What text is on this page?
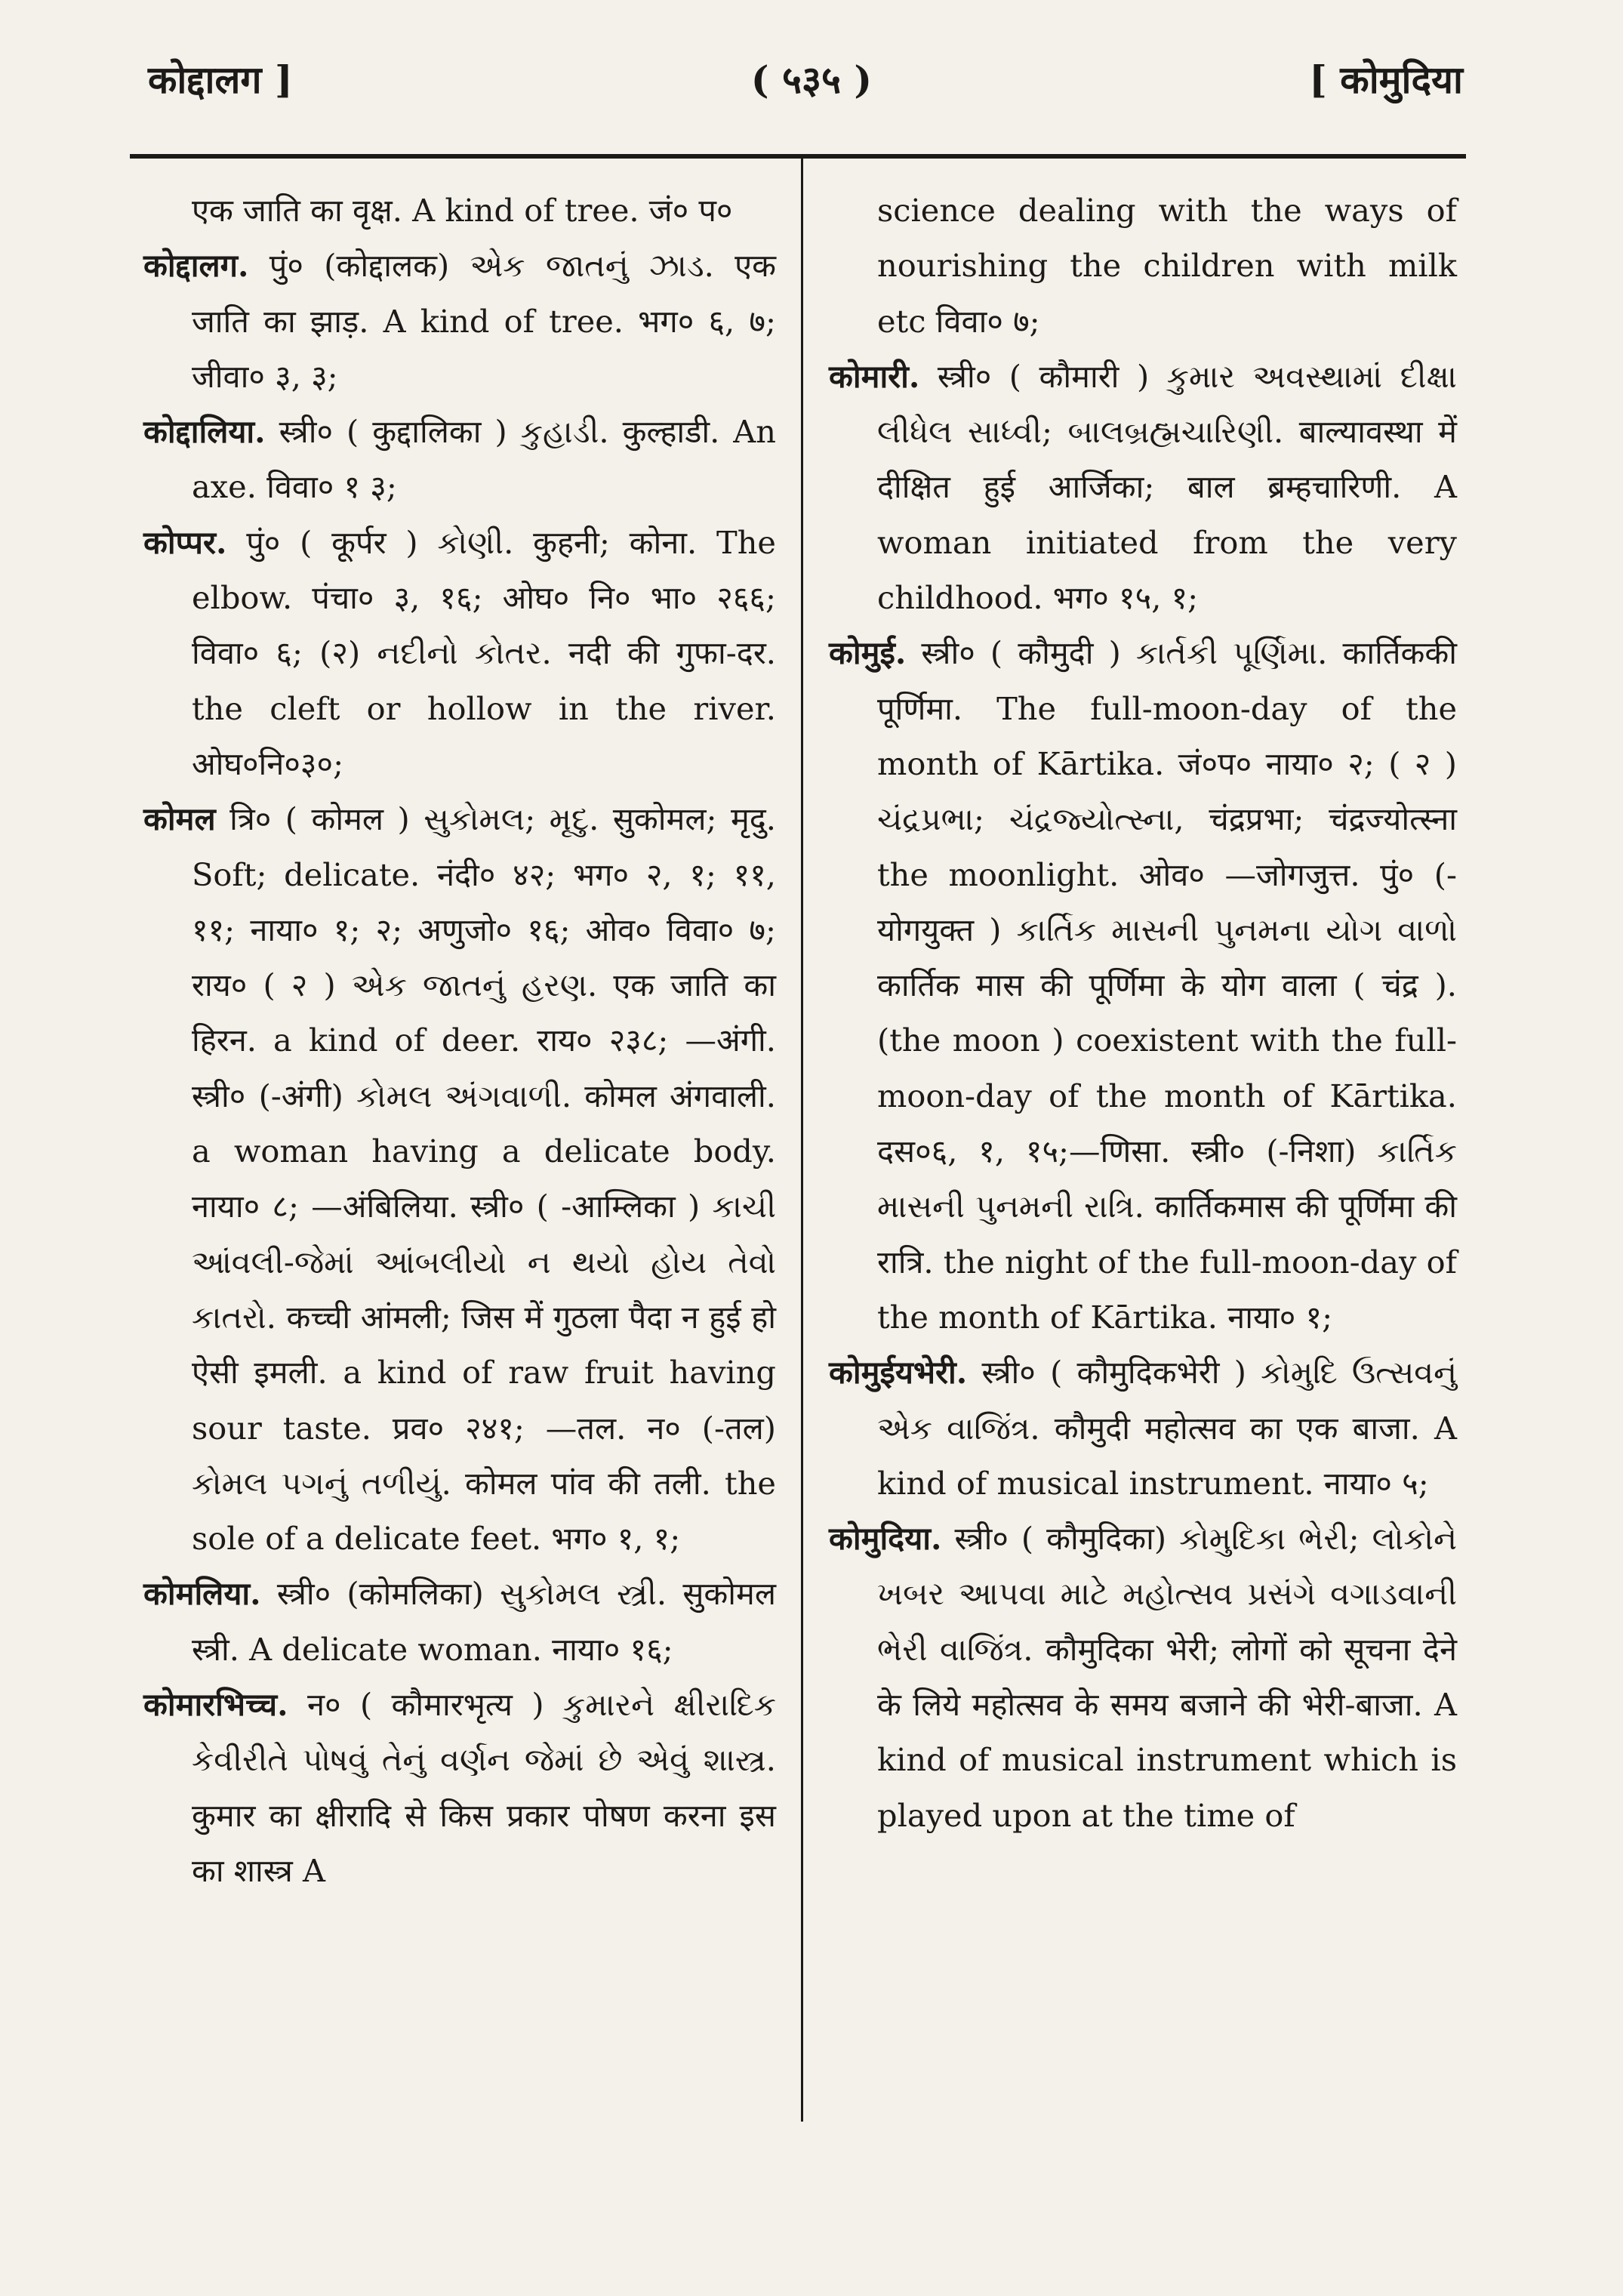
कोद्दालग ]	( ५३५ )	[ कोमुदिया

एक जाति का वृक्ष. A kind of tree. जं० प०

कोद्दालग. पुं० (कोद्दालक) એક જાતનું ઝાડ. एक जाति का झाड़. A kind of tree. भग० ६, ७; जीवा० ३, ३;

कोद्दालिया. स्त्री० ( कुद्दालिका ) કુહાડી. कुल्हाडी. An axe. विवा० १ ३;

कोप्पर. पुं० ( कूर्पर ) કોણી. कुहनी; कोना. The elbow. पंचा० ३, १६; ओघ० नि० भा० २६६; विवा० ६; (२) નદીનો કોતર. नदी की गुफा-दर. the cleft or hollow in the river. ओघ०नि०३०;

कोमल त्रि० ( कोमल ) સુકોમલ; મૃદુ. सुकोमल; मृदु. Soft; delicate. नंदी० ४२; भग० २, १; ११, ११; नाया० १; २; अणुजो० १६; ओव० विवा० ७; राय० ( २ ) એક જાતનું હરણ. एक जाति का हिरन. a kind of deer. राय० २३८; —अंगी. स्त्री० (-अंगी) કોમલ અંગવાળી. कोमल अंगवाली. a woman having a delicate body. नाया० ८; —अंबिलिया. स्त्री० ( -आम्लिका ) કાચી આંવલી-જેમાં આંબલીયો ન થયો હોય તેવો કાતરો. कच्ची आंमली; जिस में गुठला पैदा न हुई हो ऐसी इमली. a kind of raw fruit having sour taste. प्रव० २४१; —तल. न० (-तल) કોમલ પગનું તળીયું. कोमल पांव की तली. the sole of a delicate feet. भग० १, १;

कोमलिया. स्त्री० (कोमलिका) સુકોમલ સ્ત્રી. सुकोमल स्त्री. A delicate woman. नाया० १६;

कोमारभिच्च. न० ( कौमारभृत्य ) કુમારને ક્ષીરાદિક કેવીરીતે પોષવું તેનું વર્ણન જેમાં છે એવું શાસ્ત્ર. कुमार का क्षीरादि से किस प्रकार पोषण करना इस का शास्त्र A

science dealing with the ways of nourishing the children with milk etc विवा० ७;

कोमारी. स्त्री० ( कौमारी ) કુમાર અવસ્થામાં દીક્ષા લીધેલ સાધ્વી; બાલબ્રહ્મચારિણી. बाल्यावस्था में दीक्षित हुई आर्जिका; बाल ब्रम्हचारिणी. A woman initiated from the very childhood. भग० १५, १;

कोमुई. स्त्री० ( कौमुदी ) કાર્તકી પૂર્ણિમા. कार्तिककी पूर्णिमा. The full-moon-day of the month of Kārtika. जं०प० नाया० २; ( २ ) ચંદ્રપ્રભા; ચંદ્રજ્યોત્સ્ના, चंद्रप्रभा; चंद्रज्योत्स्ना the moonlight. ओव० —जोगजुत्त. पुं० (-योगयुक्त ) કાર્તિક માસની પુનમના યોગ વાળો कार्तिक मास की पूर्णिमा के योग वाला ( चंद्र ). (the moon ) coexistent with the full-moon-day of the month of Kārtika. दस०६, १, १५;—णिसा. स्त्री० (-निशा) કાર્તિક માસની પુનમની રાત્રિ. कार्तिकमास की पूर्णिमा की रात्रि. the night of the full-moon-day of the month of Kārtika. नाया० १;

कोमुईयभेरी. स्त्री० ( कौमुदिकभेरी ) કોમુદિ ઉત્સવનું એક વાજિંત્ર. कौमुदी महोत्सव का एक बाजा. A kind of musical instrument. नाया० ५;

कोमुदिया. स्त्री० ( कौमुदिका) કોમુદિકા ભેરી; લોકોને ખબર આપવા માટે મહોત્સવ પ્રસંગે વગાડવાની ભેરી વાજિંત્ર. कौमुदिका भेरी; लोगों को सूचना देने के लिये महोत्सव के समय बजाने की भेरी-बाजा. A kind of musical instrument which is played upon at the time of
